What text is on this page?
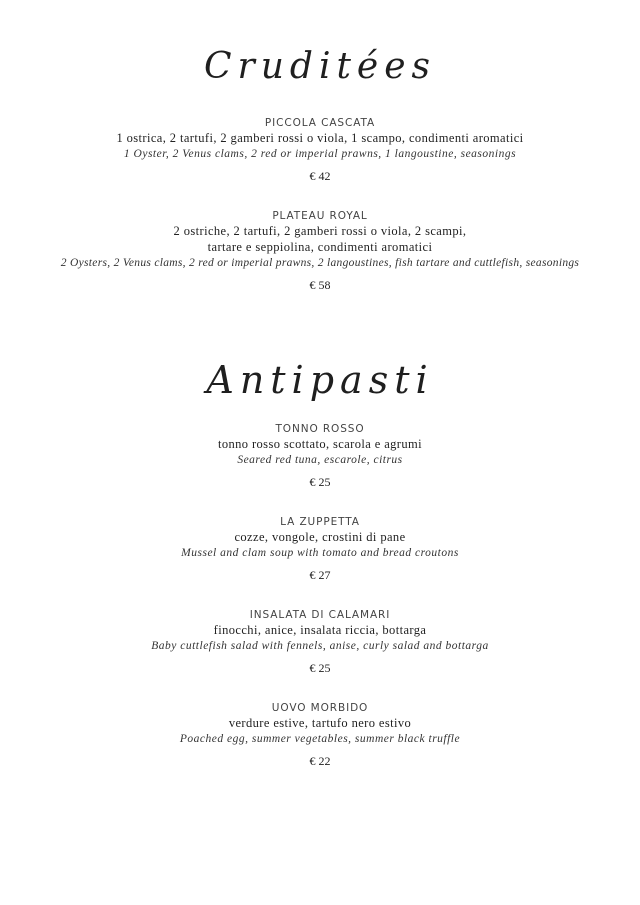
Cruditées
PICCOLA CASCATA
1 ostrica, 2 tartufi, 2 gamberi rossi o viola, 1 scampo, condimenti aromatici
1 Oyster, 2 Venus clams, 2 red or imperial prawns, 1 langoustine, seasonings
€ 42
PLATEAU ROYAL
2 ostriche, 2 tartufi, 2 gamberi rossi o viola, 2 scampi,
tartare e seppiolina, condimenti aromatici
2 Oysters, 2 Venus clams, 2 red or imperial prawns, 2 langoustines, fish tartare and cuttlefish, seasonings
€ 58
Antipasti
TONNO ROSSO
tonno rosso scottato, scarola e agrumi
Seared red tuna, escarole, citrus
€ 25
LA ZUPPETTA
cozze, vongole, crostini di pane
Mussel and clam soup with tomato and bread croutons
€ 27
INSALATA DI CALAMARI
finocchi, anice, insalata riccia, bottarga
Baby cuttlefish salad with fennels, anise, curly salad and bottarga
€ 25
UOVO MORBIDO
verdure estive, tartufo nero estivo
Poached egg, summer vegetables, summer black truffle
€ 22
